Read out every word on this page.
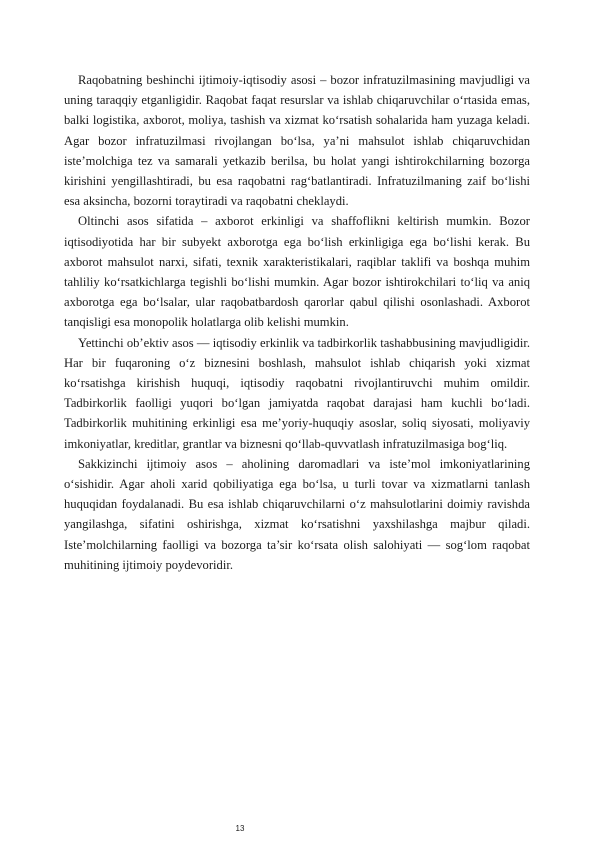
Raqobatning beshinchi ijtimoiy-iqtisodiy asosi – bozor infratuzilmasining mavjudligi va uning taraqqiy etganligidir. Raqobat faqat resurslar va ishlab chiqaruvchilar o‘rtasida emas, balki logistika, axborot, moliya, tashish va xizmat ko‘rsatish sohalarida ham yuzaga keladi. Agar bozor infratuzilmasi rivojlangan bo‘lsa, ya’ni mahsulot ishlab chiqaruvchidan iste’molchiga tez va samarali yetkazib berilsa, bu holat yangi ishtirokchilarning bozorga kirishini yengillashtiradi, bu esa raqobatni rag‘batlantiradi. Infratuzilmaning zaif bo‘lishi esa aksincha, bozorni toraytiradi va raqobatni cheklaydi.

Oltinchi asos sifatida – axborot erkinligi va shaffoflikni keltirish mumkin. Bozor iqtisodiyotida har bir subyekt axborotga ega bo‘lish erkinligiga ega bo‘lishi kerak. Bu axborot mahsulot narxi, sifati, texnik xarakteristikalari, raqiblar taklifi va boshqa muhim tahliliy ko‘rsatkichlarga tegishli bo‘lishi mumkin. Agar bozor ishtirokchilari to‘liq va aniq axborotga ega bo‘lsalar, ular raqobatbardosh qarorlar qabul qilishi osonlashadi. Axborot tanqisligi esa monopolik holatlarga olib kelishi mumkin.

Yettinchi ob’ektiv asos — iqtisodiy erkinlik va tadbirkorlik tashabbusining mavjudligidir. Har bir fuqaroning o‘z biznesini boshlash, mahsulot ishlab chiqarish yoki xizmat ko‘rsatishga kirishish huquqi, iqtisodiy raqobatni rivojlantiruvchi muhim omildir. Tadbirkorlik faolligi yuqori bo‘lgan jamiyatda raqobat darajasi ham kuchli bo‘ladi. Tadbirkorlik muhitining erkinligi esa me’yoriy-huquqiy asoslar, soliq siyosati, moliyaviy imkoniyatlar, kreditlar, grantlar va biznesni qo‘llab-quvvatlash infratuzilmasiga bog‘liq.

Sakkizinchi ijtimoiy asos – aholining daromadlari va iste’mol imkoniyatlarining o‘sishidir. Agar aholi xarid qobiliyatiga ega bo‘lsa, u turli tovar va xizmatlarni tanlash huquqidan foydalanadi. Bu esa ishlab chiqaruvchilarni o‘z mahsulotlarini doimiy ravishda yangilashga, sifatini oshirishga, xizmat ko‘rsatishni yaxshilashga majbur qiladi. Iste’molchilarning faolligi va bozorga ta’sir ko‘rsata olish salohiyati — sog‘lom raqobat muhitining ijtimoiy poydevoridir.

13
